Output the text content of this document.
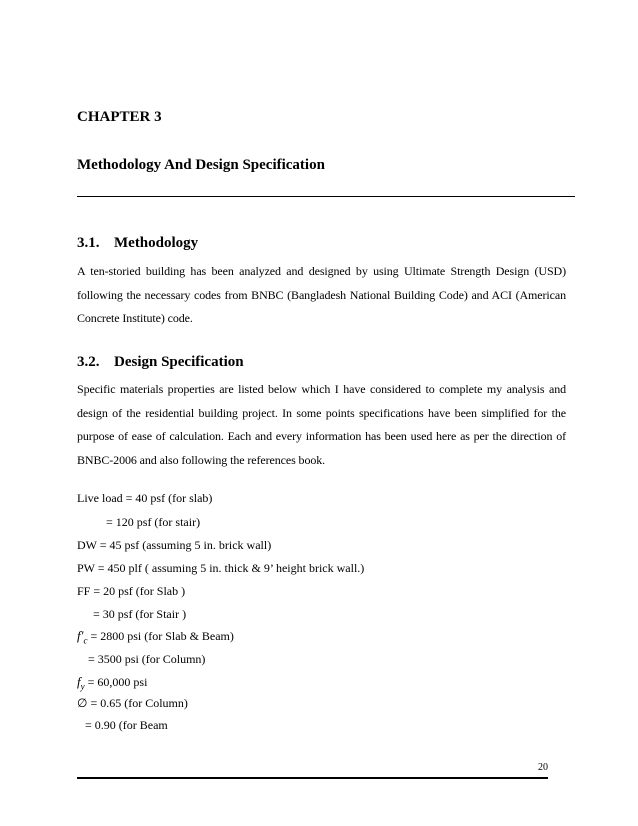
CHAPTER 3
Methodology And Design Specification
3.1. Methodology
A ten-storied building has been analyzed and designed by using Ultimate Strength Design (USD) following the necessary codes from BNBC (Bangladesh National Building Code) and ACI (American Concrete Institute) code.
3.2. Design Specification
Specific materials properties are listed below which I have considered to complete my analysis and design of the residential building project. In some points specifications have been simplified for the purpose of ease of calculation. Each and every information has been used here as per the direction of BNBC-2006 and also following the references book.
Live load = 40 psf (for slab)
= 120 psf (for stair)
DW = 45 psf (assuming 5 in. brick wall)
PW = 450 plf ( assuming 5 in. thick & 9’ height brick wall.)
FF = 20 psf (for Slab )
= 30 psf (for Stair )
$f'_c = 2800$ psi (for Slab & Beam)
= 3500 psi (for Column)
$f_y = 60,000$ psi
∅ = 0.65 (for Column)
= 0.90 (for Beam
20
